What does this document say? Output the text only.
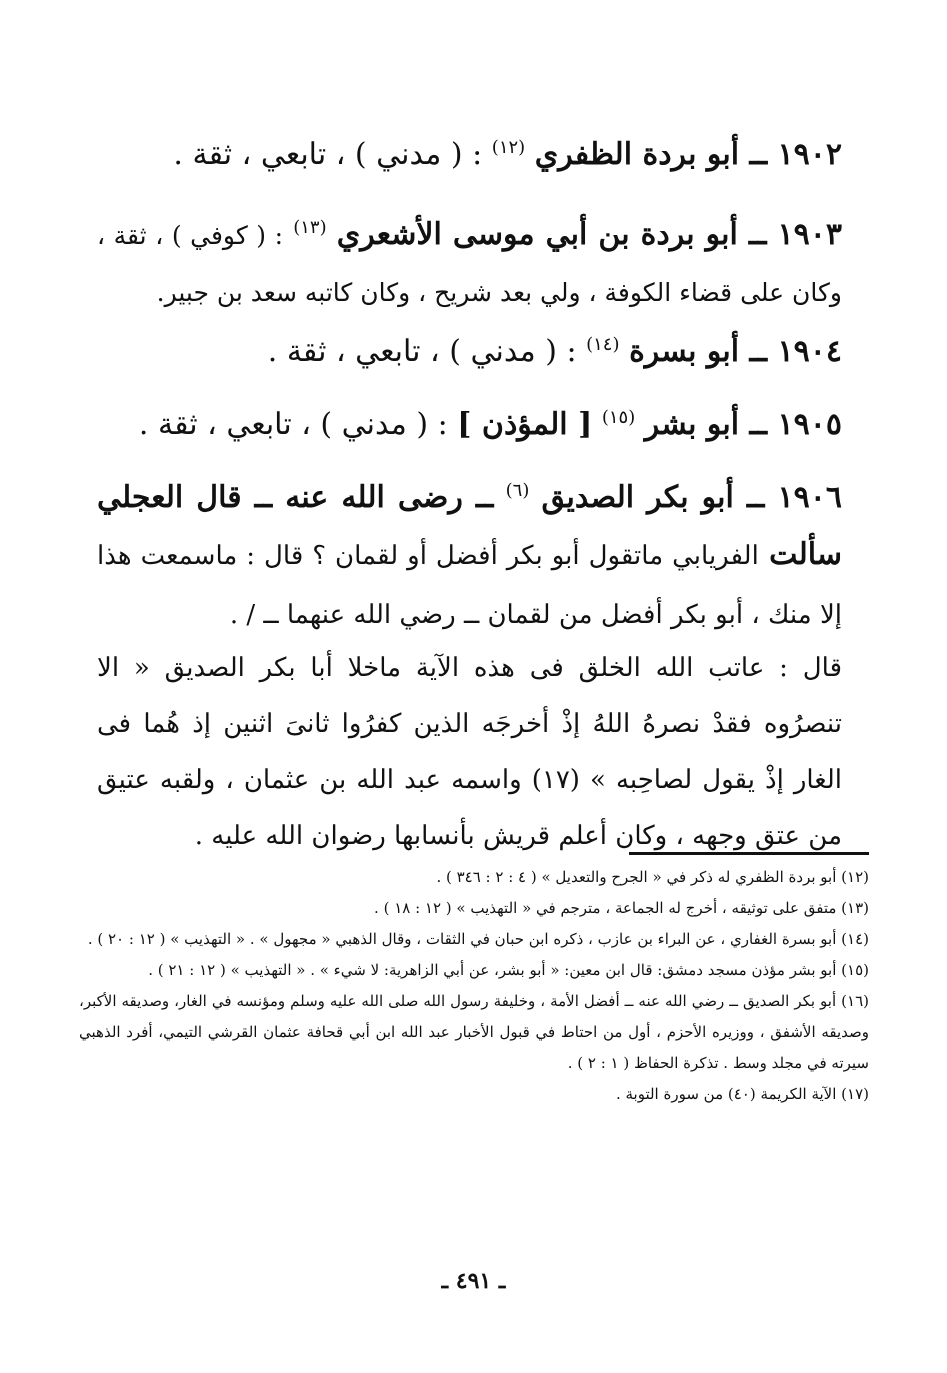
١٩٠٢ ــ أبو بردة الظفري $^{(١٢)}$ : ( مدني ) ، تابعي ، ثقة .
١٩٠٣ ــ أبو بردة بن أبي موسى الأشعري $^{(١٣)}$ : ( كوفي ) ، ثقة ، وكان على قضاء الكوفة ، ولي بعد شريح ، وكان كاتبه سعد بن جبير.
١٩٠٤ ــ أبو بسرة $^{(١٤)}$ : ( مدني ) ، تابعي ، ثقة .
١٩٠٥ ــ أبو بشر $^{(١٥)}$ [ المؤذن ] : ( مدني ) ، تابعي ، ثقة .
١٩٠٦ ــ أبو بكر الصديق $^{(٦)}$ ــ رضى الله عنه ــ قال العجلي سألت الفريابي ماتقول أبو بكر أفضل أو لقمان ؟ قال : ماسمعت هذا إلا منك ، أبو بكر أفضل من لقمان ــ رضي الله عنهما ــ / .
قال : عاتب الله الخلق فى هذه الآية ماخلا أبا بكر الصديق « الا تنصرُوه فقدْ نصرهُ اللهُ إذْ أخرجَه الذين كفرُوا ثانىَ اثنين إذ هُما فى الغار إذْ يقول لصاحِبه » (١٧) واسمه عبد الله بن عثمان ، ولقبه عتيق من عتق وجهه ، وكان أعلم قريش بأنسابها رضوان الله عليه .

(١٢) أبو بردة الظفري له ذكر في « الجرح والتعديل » ( ٤ : ٢ : ٣٤٦ ) .

(١٣) متفق على توثيقه ، أخرج له الجماعة ، مترجم في « التهذيب » ( ١٢ : ١٨ ) .

(١٤) أبو بسرة الغفاري ، عن البراء بن عازب ، ذكره ابن حبان في الثقات ، وقال الذهبي « مجهول » . « التهذيب » ( ١٢ : ٢٠ ) .

(١٥) أبو بشر مؤذن مسجد دمشق: قال ابن معين: « أبو بشر، عن أبي الزاهرية: لا شيء » . « التهذيب » ( ١٢ : ٢١ ) .

(١٦) أبو بكر الصديق ــ رضي الله عنه ــ أفضل الأمة ، وخليفة رسول الله صلى الله عليه وسلم ومؤنسه في الغار، وصديقه الأكبر، وصديقه الأشفق ، ووزيره الأحزم ، أول من احتاط في قبول الأخبار عبد الله ابن أبي قحافة عثمان القرشي التيمي، أفرد الذهبي سيرته في مجلد وسط . تذكرة الحفاظ ( ١ : ٢ ) .

(١٧) الآية الكريمة (٤٠) من سورة التوبة .

ـ ٤٩١ ـ
